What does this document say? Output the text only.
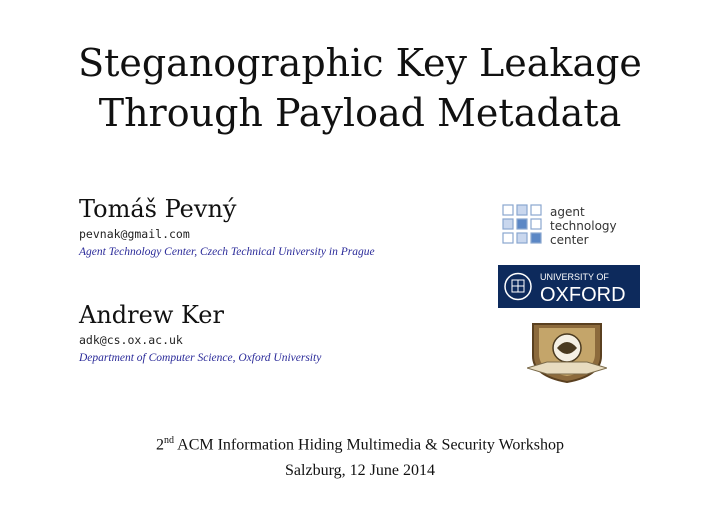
Steganographic Key Leakage
Through Payload Metadata
Tomáš Pevný
pevnak@gmail.com
Agent Technology Center, Czech Technical University in Prague
Andrew Ker
adk@cs.ox.ac.uk
Department of Computer Science, Oxford University
agent
technology
center
UNIVERSITY OF
OXFORD
2nd ACM Information Hiding Multimedia & Security Workshop
Salzburg, 12 June 2014
